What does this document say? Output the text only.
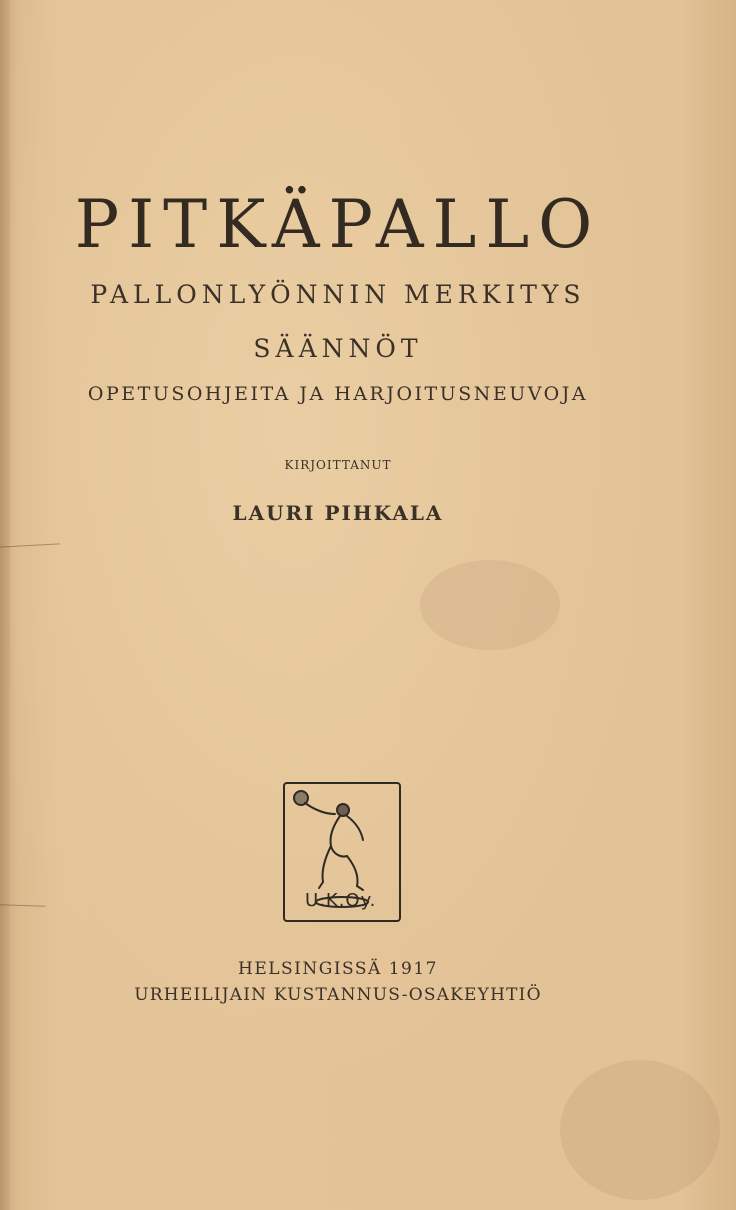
PITKÄPALLO
PALLONLYÖNNIN MERKITYS
SÄÄNNÖT
OPETUSOHJEITA JA HARJOITUSNEUVOJA
KIRJOITTANUT
LAURI PIHKALA
U.K.Oy.
HELSINGISSÄ 1917
URHEILIJAIN KUSTANNUS-OSAKEYHTIÖ
